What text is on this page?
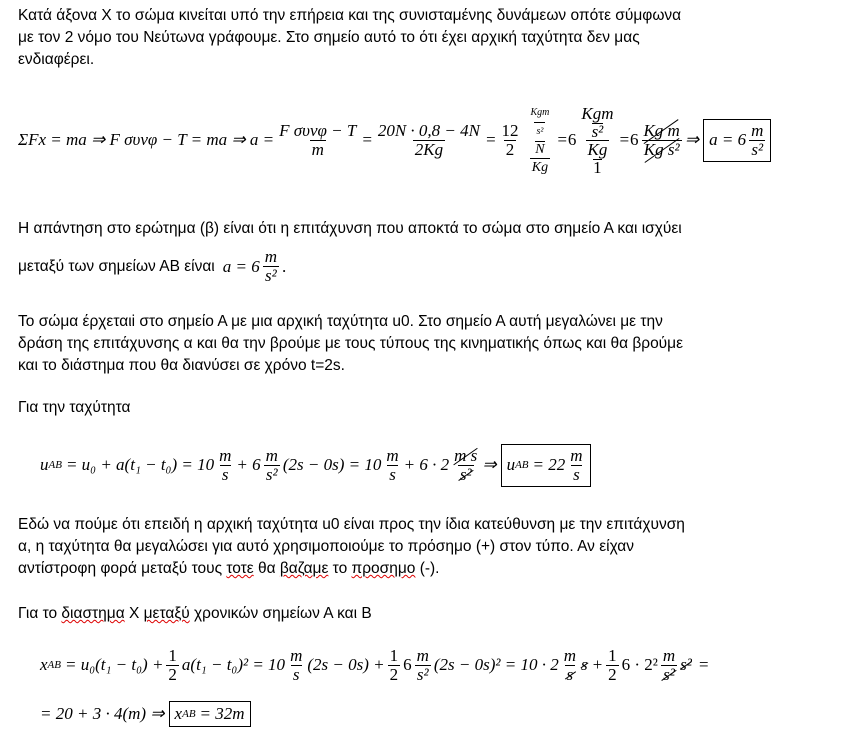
Κατά άξονα Χ το σώμα κινείται υπό την επήρεια και της συνισταμένης δυνάμεων οπότε σύμφωνα
με τον 2 νόμο του Νεύτωνα γράφουμε. Στο σημείο αυτό το ότι έχει αρχική ταχύτητα δεν μας
ενδιαφέρει.
ΣFx = ma ⇒ F συνφ − T = ma ⇒ $a = \frac{\text{F συνφ − T}}{m} = \frac{20N \cdot 0,8 - 4N}{2Kg} = \frac{12}{2} \frac{\text{Kgm}}{\text{s²}}$
N
Kg = 6 Kgm
s²
$\frac{Kg}{1} = 6 \frac{\text{Kg m}}{\text{Kg s²}}$ ⇒ $a = 6 \frac{m}{\text{s²}}$
Η απάντηση στο ερώτημα (β) είναι ότι η επιτάχυνση που αποκτά το σώμα στο σημείο Α και ισχύει
μεταξύ των σημείων ΑΒ είναι $a = 6 \frac{m}{\text{s²}}$ .
Το σώμα έρχεταιi στο σημείο Α με μια αρχική ταχύτητα u0. Στο σημείο Α αυτή μεγαλώνει με την
δράση της επιτάχυνσης α και θα την βρούμε με τους τύπους της κινηματικής όπως και θα βρούμε
και το διάστημα που θα διανύσει σε χρόνο t=2s.
Για την ταχύτητα
u AB = $u_0 + a(t_1 - t_0) = 10 \frac{m}{s} + 6 \frac{m}{\text{s²}} (2s - 0s) = 10 \frac{m}{s} + 6 \cdot 2 \frac{\text{m s}}{\text{s²}}$ ⇒ u AB = $22 \frac{m}{s}$
Εδώ να πούμε ότι επειδή η αρχική ταχύτητα u0 είναι προς την ίδια κατεύθυνση με την επιτάχυνση
α, η ταχύτητα θα μεγαλώσει για αυτό χρησιμοποιούμε το πρόσημο (+) στον τύπο. Αν είχαν
αντίστροφη φορά μεταξύ τους τοτε θα βαζαμε το προσημο (-).
Για το διαστημα Χ μεταξύ χρονικών σημείων Α και Β
x AB = $u_0(t_1 - t_0) + \frac{1}{2} a(t_1 - t_0)^2 = 10 \frac{m}{s} (2s - 0s) + \frac{1}{2} 6 \frac{m}{\text{s²}} (2s - 0s)^2 = 10 \cdot 2 \frac{m}{s}$ $s + \frac{1}{2} 6 \cdot 2^2 \frac{m}{\text{s²}} s^2$ =
= 20 + 3 · 4(m) ⇒ x AB = 32m
